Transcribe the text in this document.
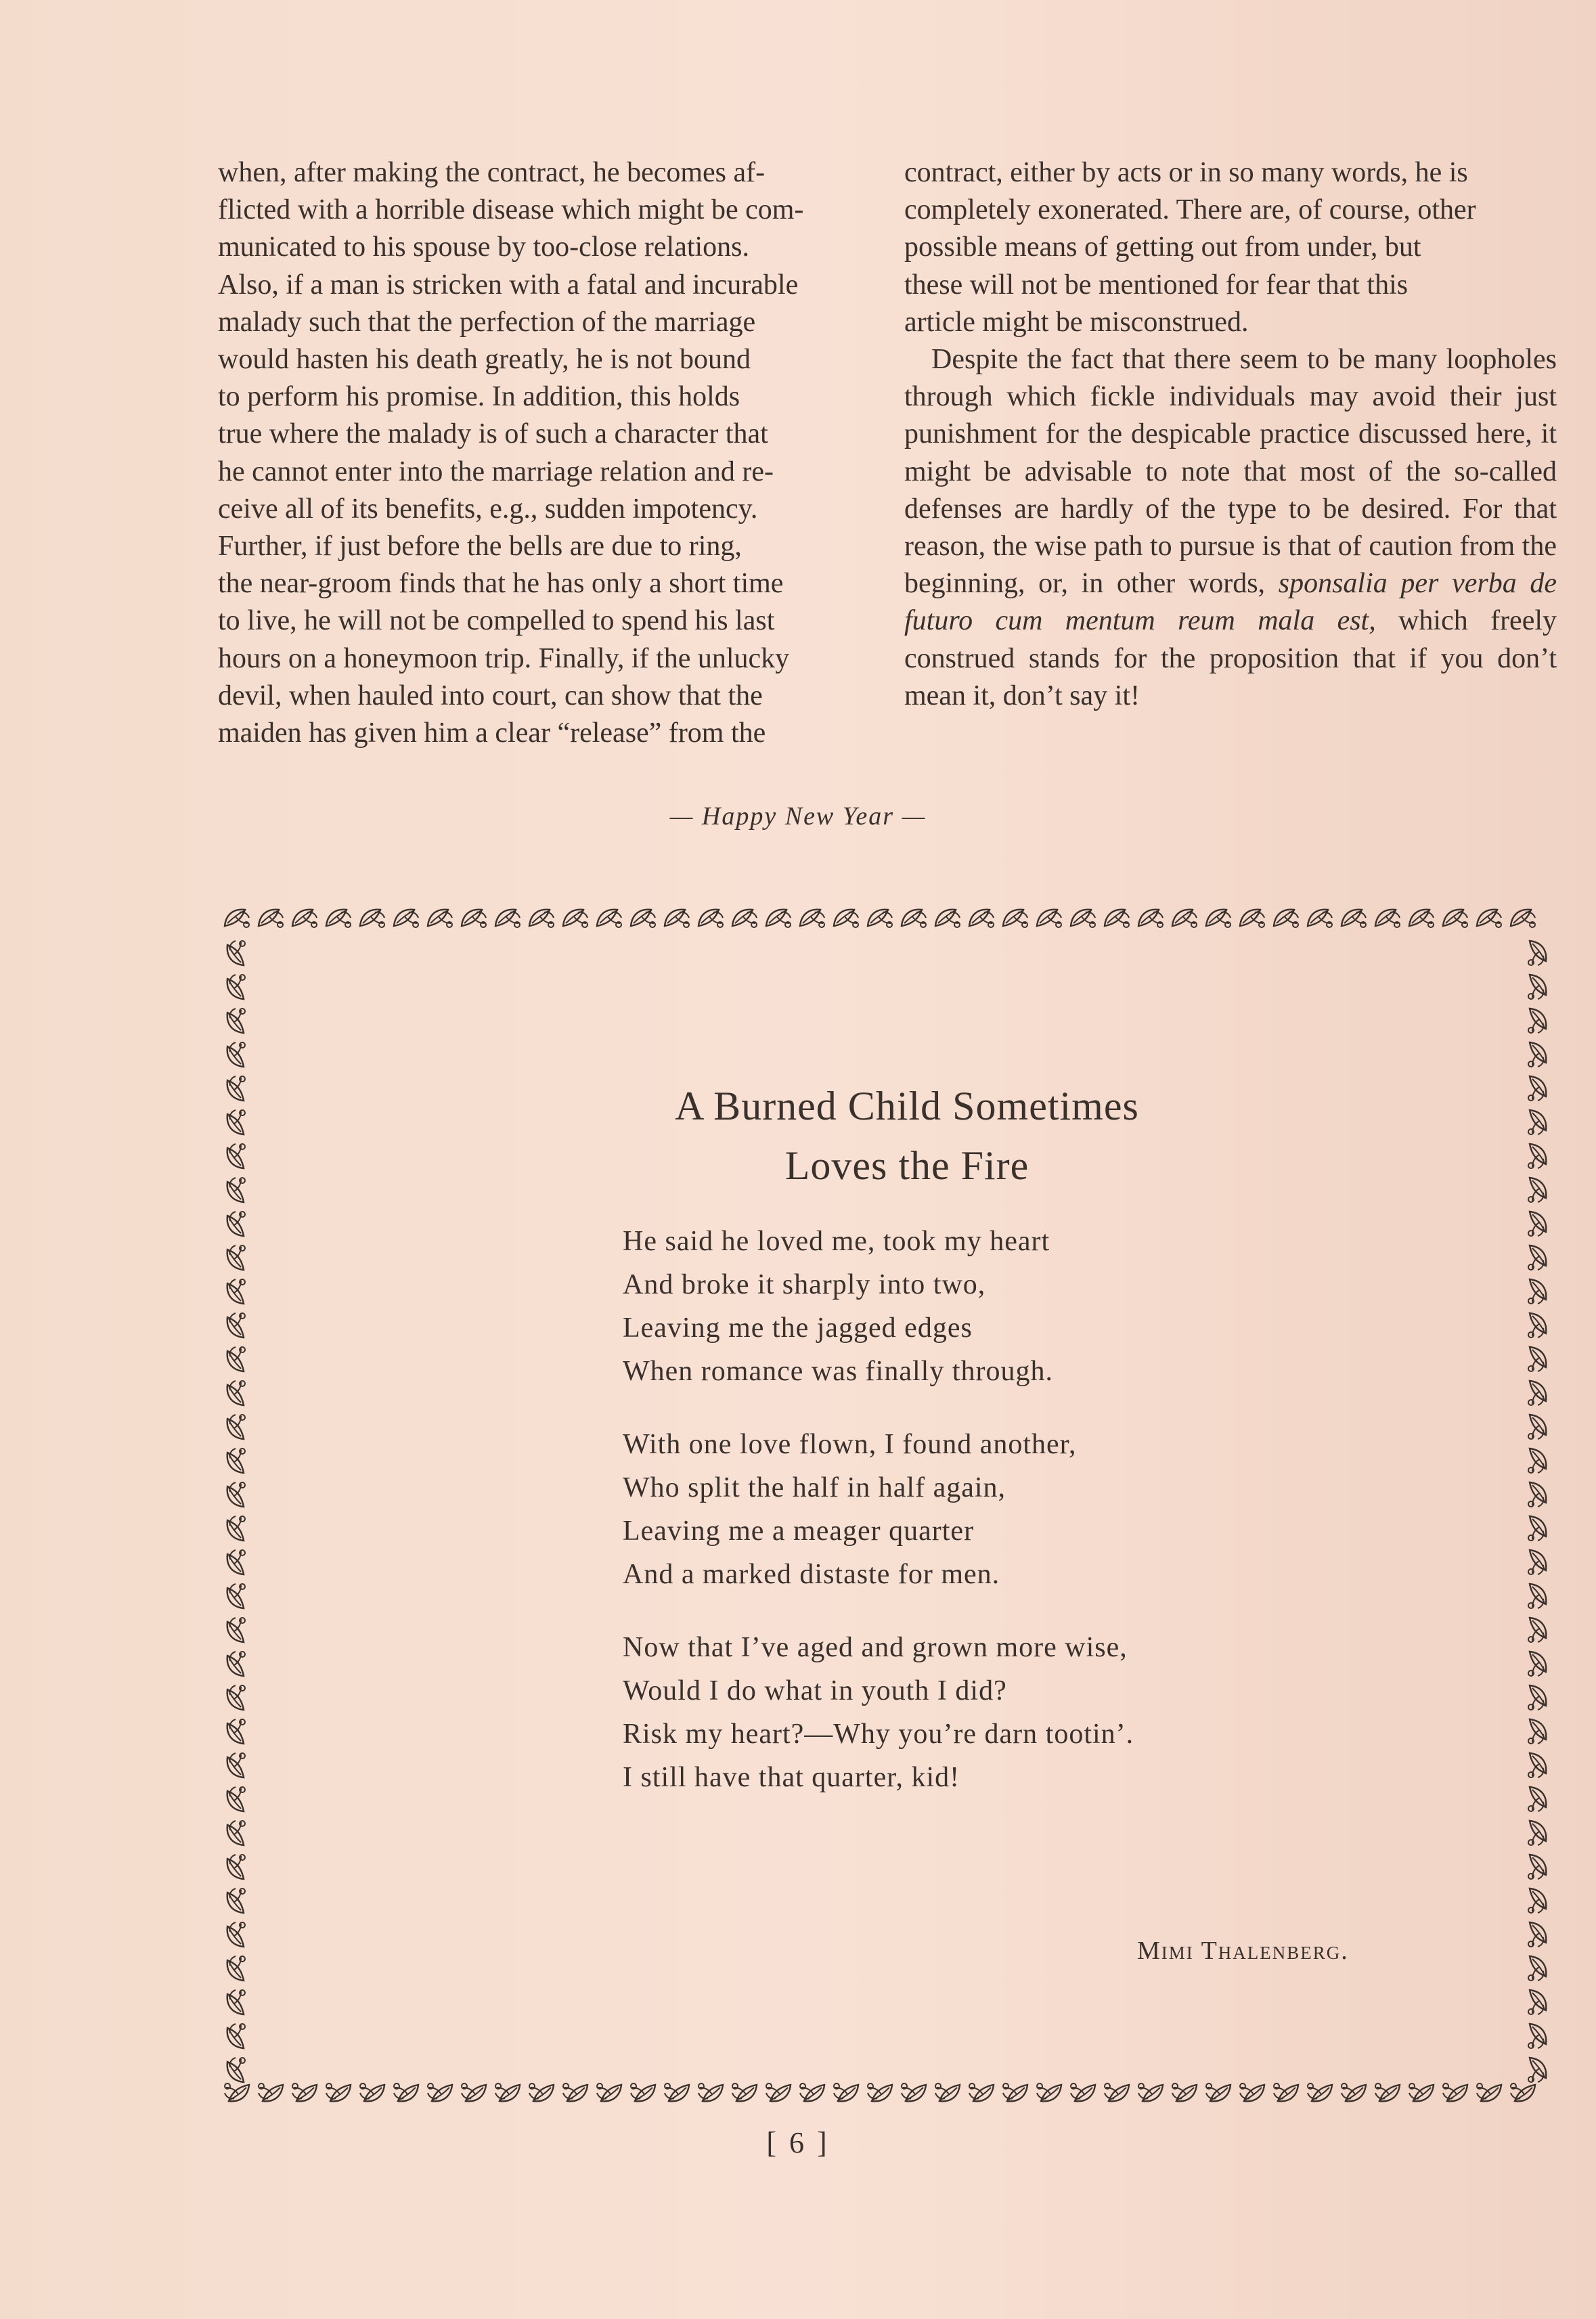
when, after making the contract, he becomes af-

flicted with a horrible disease which might be com-

municated to his spouse by too-close relations.

Also, if a man is stricken with a fatal and incurable

malady such that the perfection of the marriage

would hasten his death greatly, he is not bound

to perform his promise. In addition, this holds

true where the malady is of such a character that

he cannot enter into the marriage relation and re-

ceive all of its benefits, e.g., sudden impotency.

Further, if just before the bells are due to ring,

the near-groom finds that he has only a short time

to live, he will not be compelled to spend his last

hours on a honeymoon trip. Finally, if the unlucky

devil, when hauled into court, can show that the

maiden has given him a clear “release” from the

contract, either by acts or in so many words, he is

completely exonerated. There are, of course, other

possible means of getting out from under, but

these will not be mentioned for fear that this

article might be misconstrued.

Despite the fact that there seem to be many loopholes through which fickle individuals may avoid their just punishment for the despicable practice discussed here, it might be advisable to note that most of the so-called defenses are hardly of the type to be desired. For that reason, the wise path to pursue is that of caution from the beginning, or, in other words, sponsalia per verba de futuro cum mentum reum mala est, which freely construed stands for the proposition that if you don’t mean it, don’t say it!

— Happy New Year —
A Burned Child Sometimes
Loves the Fire
He said he loved me, took my heart
And broke it sharply into two,
Leaving me the jagged edges
When romance was finally through.
With one love flown, I found another,
Who split the half in half again,
Leaving me a meager quarter
And a marked distaste for men.
Now that I’ve aged and grown more wise,
Would I do what in youth I did?
Risk my heart?—Why you’re darn tootin’.
I still have that quarter, kid!
Mimi Thalenberg.
[ 6 ]
